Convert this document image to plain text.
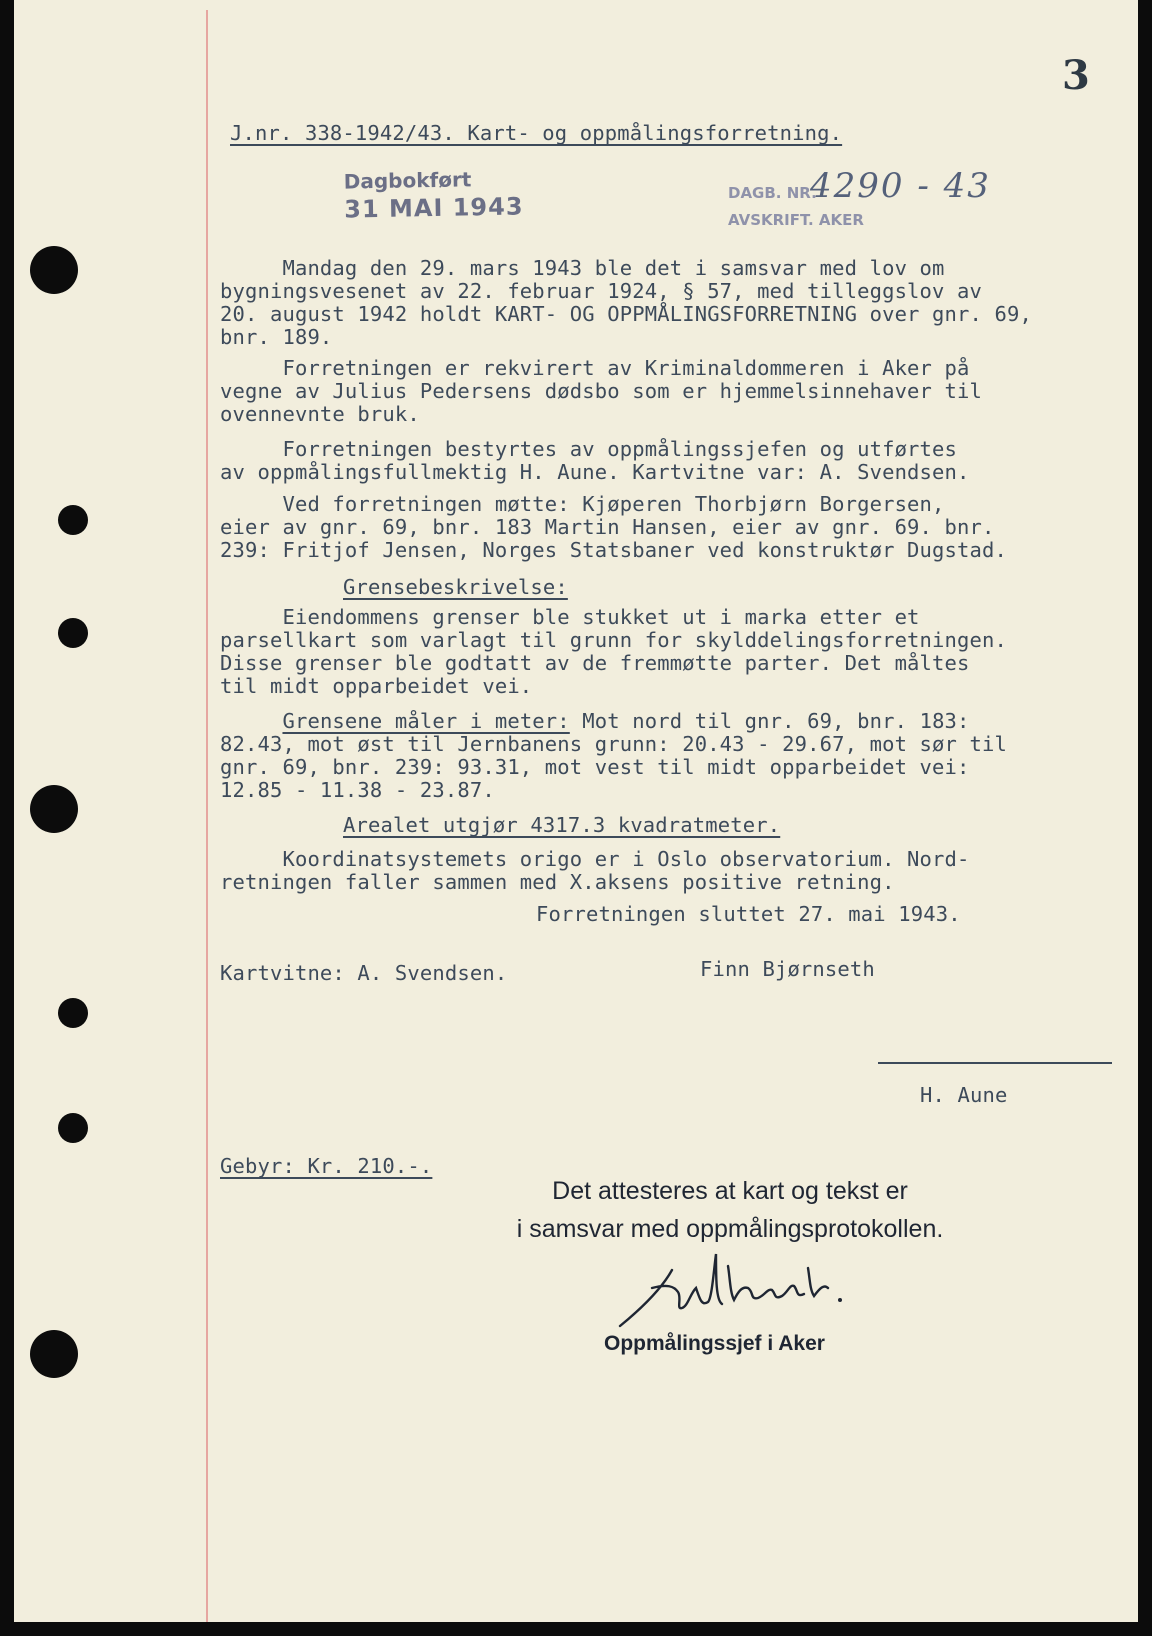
3
J.nr. 338-1942/43. Kart- og oppmålingsforretning.
Dagbokført
31 MAI 1943	DAGB. NR.
AVSKRIFT. AKER
4290 - 43
Mandag den 29. mars 1943 ble det i samsvar med lov om
bygningsvesenet av 22. februar 1924, § 57, med tilleggslov av
20. august 1942 holdt KART- OG OPPMÅLINGSFORRETNING over gnr. 69,
bnr. 189.
Forretningen er rekvirert av Kriminaldommeren i Aker på
vegne av Julius Pedersens dødsbo som er hjemmelsinnehaver til
ovennevnte bruk.
Forretningen bestyrtes av oppmålingssjefen og utførtes
av oppmålingsfullmektig H. Aune. Kartvitne var: A. Svendsen.
Ved forretningen møtte: Kjøperen Thorbjørn Borgersen,
eier av gnr. 69, bnr. 183 Martin Hansen, eier av gnr. 69. bnr.
239: Fritjof Jensen, Norges Statsbaner ved konstruktør Dugstad.
Grensebeskrivelse:
Eiendommens grenser ble stukket ut i marka etter et
parsellkart som varlagt til grunn for skylddelingsforretningen.
Disse grenser ble godtatt av de fremmøtte parter. Det måltes
til midt opparbeidet vei.
Grensene måler i meter: Mot nord til gnr. 69, bnr. 183:
82.43, mot øst til Jernbanens grunn: 20.43 - 29.67, mot sør til
gnr. 69, bnr. 239: 93.31, mot vest til midt opparbeidet vei:
12.85 - 11.38 - 23.87.
Arealet utgjør 4317.3 kvadratmeter.
Koordinatsystemets origo er i Oslo observatorium. Nord-
retningen faller sammen med X.aksens positive retning.
Forretningen sluttet 27. mai 1943.
Kartvitne: A. Svendsen.	Finn Bjørnseth
H. Aune
Gebyr: Kr. 210.-.
Det attesteres at kart og tekst er
i samsvar med oppmålingsprotokollen.
Oppmålingssjef i Aker
